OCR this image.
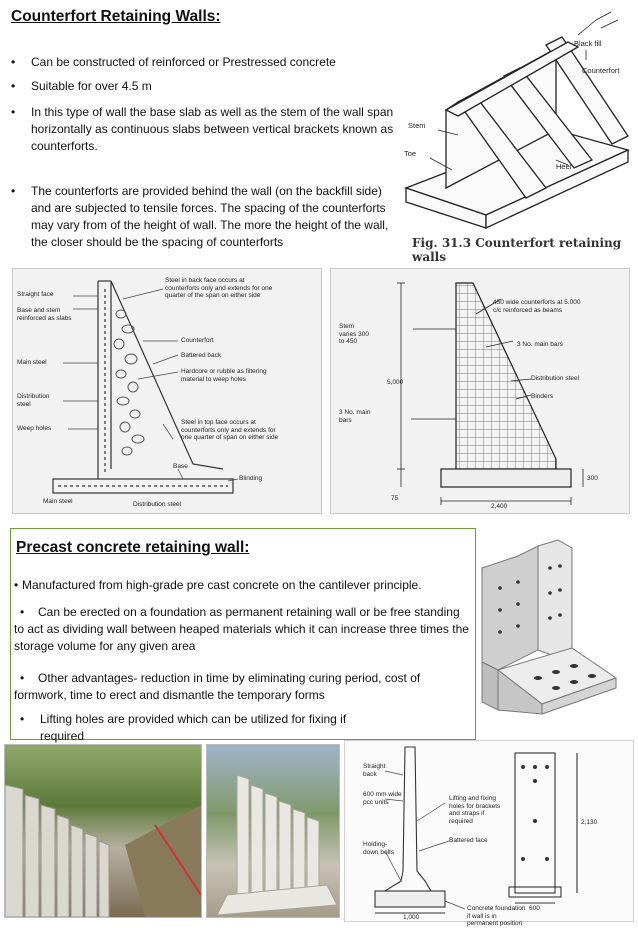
Counterfort Retaining Walls:
•	Can be constructed of reinforced or Prestressed concrete
•	Suitable for over 4.5 m
•	In this type of wall the base slab as well as the stem of the wall span horizontally as continuous slabs between vertical brackets known as counterforts.
•	The counterforts are provided behind the wall (on the backfill side) and are subjected to tensile forces. The spacing of the counterforts may vary from of the height of wall. The more the height of the wall, the closer should be the spacing of counterforts
Black fill
Counterfort
Stem
Toe
Heel
Fig. 31.3 Counterfort retaining walls
Straight face
Base and stem reinforced as slabs
Main steel
Distribution steel
Weep holes
Main steel	Distribution steel
Steel in back face occurs at counterforts only and extends for one quarter of the span on either side
Counterfort
Battered back
Hardcore or rubble as filtering material to weep holes
Steel in top face occurs at counterforts only and extends for one quarter of span on either side
Base
Blinding
450 wide counterforts at 5.000 c/c reinforced as beams
Stem varies 300 to 450	3 No. main bars
Distribution steel
Binders
3 No. main bars
5,000
2,400
300
75
Precast concrete retaining wall:
• Manufactured from high-grade pre cast concrete on the cantilever principle.
•	Can be erected on a foundation as permanent retaining wall or be free standing to act as dividing wall between heaped materials which it can increase three times the storage volume for any given area
•	Other advantages- reduction in time by eliminating curing period, cost of formwork, time to erect and dismantle the temporary forms
•	Lifting holes are provided which can be utilized for fixing if required
Straight back
600 mm wide pcc units
Holding-down bolts
Lifting and fixing holes for brackets and straps if required
Battered face
Concrete foundation if wall is in permanent position
1,000
600
2,130
